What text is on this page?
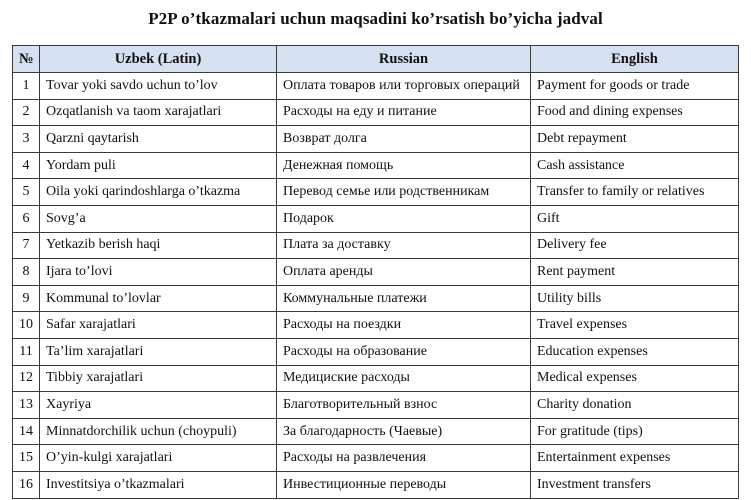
P2P o’tkazmalari uchun maqsadini ko’rsatish bo’yicha jadval
№	Uzbek (Latin)	Russian	English
1	Tovar yoki savdo uchun to’lov	Оплата товаров или торговых операций	Payment for goods or trade
2	Ozqatlanish va taom xarajatlari	Расходы на еду и питание	Food and dining expenses
3	Qarzni qaytarish	Возврат долга	Debt repayment
4	Yordam puli	Денежная помощь	Cash assistance
5	Oila yoki qarindoshlarga o’tkazma	Перевод семье или родственникам	Transfer to family or relatives
6	Sovg’a	Подарок	Gift
7	Yetkazib berish haqi	Плата за доставку	Delivery fee
8	Ijara to’lovi	Оплата аренды	Rent payment
9	Kommunal to’lovlar	Коммунальные платежи	Utility bills
10	Safar xarajatlari	Расходы на поездки	Travel expenses
11	Ta’lim xarajatlari	Расходы на образование	Education expenses
12	Tibbiy xarajatlari	Медициские расходы	Medical expenses
13	Xayriya	Благотворительный взнос	Charity donation
14	Minnatdorchilik uchun (choypuli)	За благодарность (Чаевые)	For gratitude (tips)
15	O’yin-kulgi xarajatlari	Расходы на развлечения	Entertainment expenses
16	Investitsiya o’tkazmalari	Инвестиционные переводы	Investment transfers
